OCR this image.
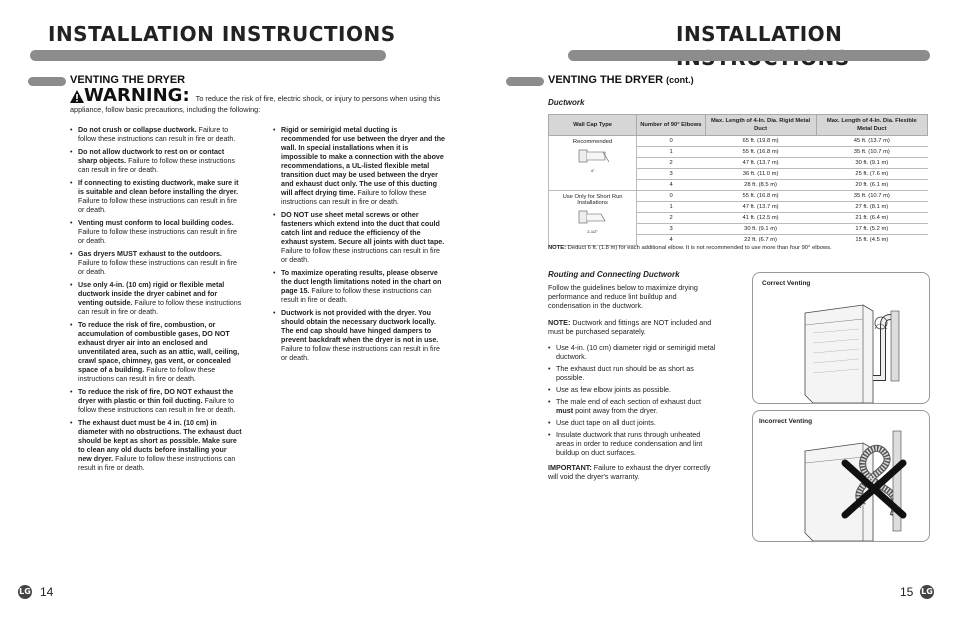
INSTALLATION INSTRUCTIONS
VENTING THE DRYER
WARNING: To reduce the risk of fire, electric shock, or injury to persons when using this appliance, follow basic precautions, including the following:
• Do not crush or collapse ductwork. Failure to follow these instructions can result in fire or death.
• Do not allow ductwork to rest on or contact sharp objects. Failure to follow these instructions can result in fire or death.
• If connecting to existing ductwork, make sure it is suitable and clean before installing the dryer. Failure to follow these instructions can result in fire or death.
• Venting must conform to local building codes. Failure to follow these instructions can result in fire or death.
• Gas dryers MUST exhaust to the outdoors. Failure to follow these instructions can result in fire or death.
• Use only 4-in. (10 cm) rigid or flexible metal ductwork inside the dryer cabinet and for venting outside. Failure to follow these instructions can result in fire or death.
• To reduce the risk of fire, combustion, or accumulation of combustible gases, DO NOT exhaust dryer air into an enclosed and unventilated area, such as an attic, wall, ceiling, crawl space, chimney, gas vent, or concealed space of a building. Failure to follow these instructions can result in fire or death.
• To reduce the risk of fire, DO NOT exhaust the dryer with plastic or thin foil ducting. Failure to follow these instructions can result in fire or death.
• The exhaust duct must be 4 in. (10 cm) in diameter with no obstructions. The exhaust duct should be kept as short as possible. Make sure to clean any old ducts before installing your new dryer. Failure to follow these instructions can result in fire or death.
• Rigid or semirigid metal ducting is recommended for use between the dryer and the wall. In special installations when it is impossible to make a connection with the above recommendations, a UL-listed flexible metal transition duct may be used between the dryer and exhaust duct only. The use of this ducting will affect drying time. Failure to follow these instructions can result in fire or death.
• DO NOT use sheet metal screws or other fasteners which extend into the duct that could catch lint and reduce the efficiency of the exhaust system. Secure all joints with duct tape. Failure to follow these instructions can result in fire or death.
• To maximize operating results, please observe the duct length limitations noted in the chart on page 15. Failure to follow these instructions can result in fire or death.
• Ductwork is not provided with the dryer. You should obtain the necessary ductwork locally. The end cap should have hinged dampers to prevent backdraft when the dryer is not in use. Failure to follow these instructions can result in fire or death.
LG 14
INSTALLATION
VENTING THE DRYER (cont.)
Ductwork
Wall Cap Type	Number of 90° Elbows	Max. Length of 4-In. Dia. Rigid Metal Duct	Max. Length of 4-In. Dia. Flexible Metal Duct

Recommended
4"	0	65 ft. (19.8 m)	45 ft. (13.7 m)
	1	55 ft. (16.8 m)	35 ft. (10.7 m)
	2	47 ft. (13.7 m)	30 ft. (9.1 m)
	3	36 ft. (11.0 m)	25 ft. (7.6 m)
	4	28 ft. (8.5 m)	20 ft. (6.1 m)

Use Only for Short Run Installations
2-1/2"	0	55 ft. (16.8 m)	35 ft. (10.7 m)
	1	47 ft. (13.7 m)	27 ft. (8.1 m)
	2	41 ft. (12.5 m)	21 ft. (6.4 m)
	3	30 ft. (9.1 m)	17 ft. (5.2 m)
	4	22 ft. (6.7 m)	15 ft. (4.5 m)
NOTE: Deduct 6 ft. (1.8 m) for each additional elbow. It is not recommended to use more than four 90° elbows.
Routing and Connecting Ductwork
Follow the guidelines below to maximize drying performance and reduce lint buildup and condensation in the ductwork.
NOTE: Ductwork and fittings are NOT included and must be purchased separately.
• Use 4-in. (10 cm) diameter rigid or semirigid metal ductwork.
• The exhaust duct run should be as short as possible.
• Use as few elbow joints as possible.
• The male end of each section of exhaust duct must point away from the dryer.
• Use duct tape on all duct joints.
• Insulate ductwork that runs through unheated areas in order to reduce condensation and lint buildup on duct surfaces.
IMPORTANT: Failure to exhaust the dryer correctly will void the dryer's warranty.
Correct Venting
Incorrect Venting
15 LG
